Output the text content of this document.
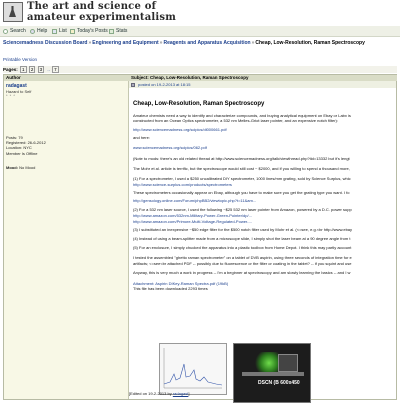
The art and science of
amateur experimentalism
Search Help List Today's Posts Stats
Sciencemadness Discussion Board»Engineering and Equipment»Reagents and Apparatus Acquisition»Cheap, Low-Resolution, Raman Spectroscopy
Printable Version
Pages: 1 2 3 .. 7
Author	Subject: Cheap, Low-Resolution, Raman Spectroscopy
radagast
Hazard to Self
* * *
Posts: 79
Registered: 26-6-2012
Location: NYC
Member Is Offline
Mood: No Mood
posted on 19-2-2013 at 18:15
Cheap, Low-Resolution, Raman Spectroscopy
Amateur chemists need a way to identify and characterize compounds, and buying analytical equipment on Ebay or Labx is
constructed from an Ocean Optics spectrometer, a 532 nm Melles-Griot laser pointer, and an expensive notch filter):
http://www.sciencemadness.org/scipics/dl000661.pdf
and here:
www.sciencemadness.org/scipics/062.pdf
(Note to mods: there's an old related thread at http://www.sciencemadness.org/talk/viewthread.php?tid=13332 but it's lengt
The Mohr et al. article is terrific, but the spectroscope would still cost ~ $2000, and if you willing to spend a thousand more,
(1) For a spectrometer, I used a $250 uncalibrated DIY spectrometer, 1000 lines/mm grating, sold by Science Surplus, whic
http://www.science-surplus.com/products/spectrometers
These spectrometers occasionally appear on Ebay, although you have to make sure you get the grating type you want. I fo
http://gensology.online.com/Forum/phpBB2/viewtopic.php?t=11&am...
(2) For a 532 nm laser source, I used the following ~$25 532 nm laser pointer from Amazon, powered by a D.C. power supp
http://www.amazon.com/532nm-Military-Power-Green-Pointer/dp/...
http://www.amazon.com/Primore-Multi-Voltage-Regulated-Power-...
(3) I substituted an inexpensive ~$50 edge filter for the $500 notch filter used by Mohr et al. (<=see, e.g.<br http://www.ebay
(4) Instead of using a beam-splitter made from a microscope slide, I simply shot the laser beam at a 90 degree angle from t
(5) For an enclosure, I simply chucked the apparatus into a plastic toolbox from Home Depot. I think this may partly account
I tested the assembled "ghetto raman spectrometer" on a tablet of DVB aspirin, using three seconds of integration time for e
artifacts; <=see<br attached PDF -- possibly due to fluorescence or the filter or coating in the tablet? -- if you squint and use
Anyway, this is very much a work in progress -- I'm a beginner at spectroscopy and am slowly learning the basics -- and I w
Attachment: Aspirin DIKey-Raman Spectra.pdf (19kB)
This file has been downloaded 2293 times
DSCN (B 600x450
[Edited on 19-2-2013 by radagast]
